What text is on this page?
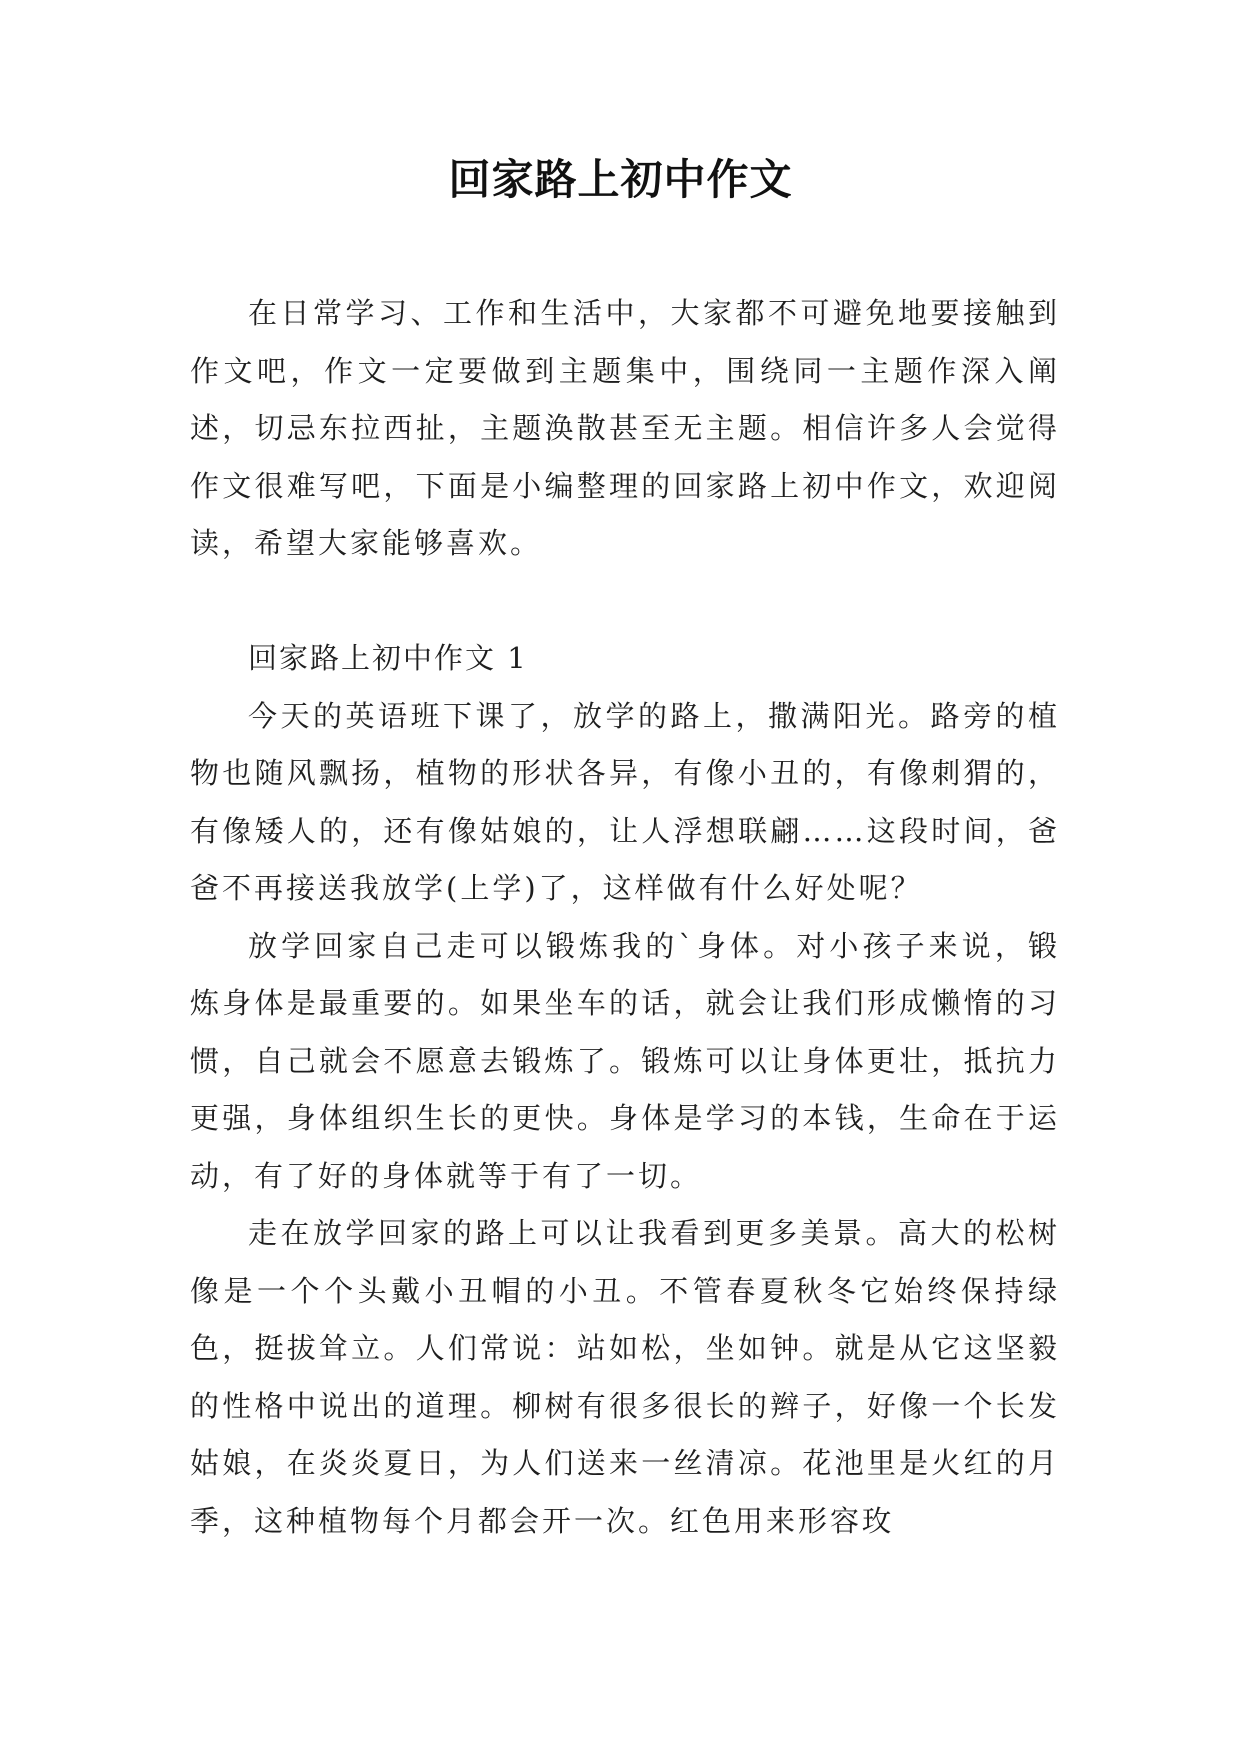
回家路上初中作文

在日常学习、工作和生活中，大家都不可避免地要接触到作文吧，作文一定要做到主题集中，围绕同一主题作深入阐述，切忌东拉西扯，主题涣散甚至无主题。相信许多人会觉得作文很难写吧，下面是小编整理的回家路上初中作文，欢迎阅读，希望大家能够喜欢。

回家路上初中作文 1

今天的英语班下课了，放学的路上，撒满阳光。路旁的植物也随风飘扬，植物的形状各异，有像小丑的，有像刺猬的，有像矮人的，还有像姑娘的，让人浮想联翩……这段时间，爸爸不再接送我放学(上学)了，这样做有什么好处呢？

放学回家自己走可以锻炼我的`身体。对小孩子来说，锻炼身体是最重要的。如果坐车的话，就会让我们形成懒惰的习惯，自己就会不愿意去锻炼了。锻炼可以让身体更壮，抵抗力更强，身体组织生长的更快。身体是学习的本钱，生命在于运动，有了好的身体就等于有了一切。

走在放学回家的路上可以让我看到更多美景。高大的松树像是一个个头戴小丑帽的小丑。不管春夏秋冬它始终保持绿色，挺拔耸立。人们常说：站如松，坐如钟。就是从它这坚毅的性格中说出的道理。柳树有很多很长的辫子，好像一个长发姑娘，在炎炎夏日，为人们送来一丝清凉。花池里是火红的月季，这种植物每个月都会开一次。红色用来形容玫
